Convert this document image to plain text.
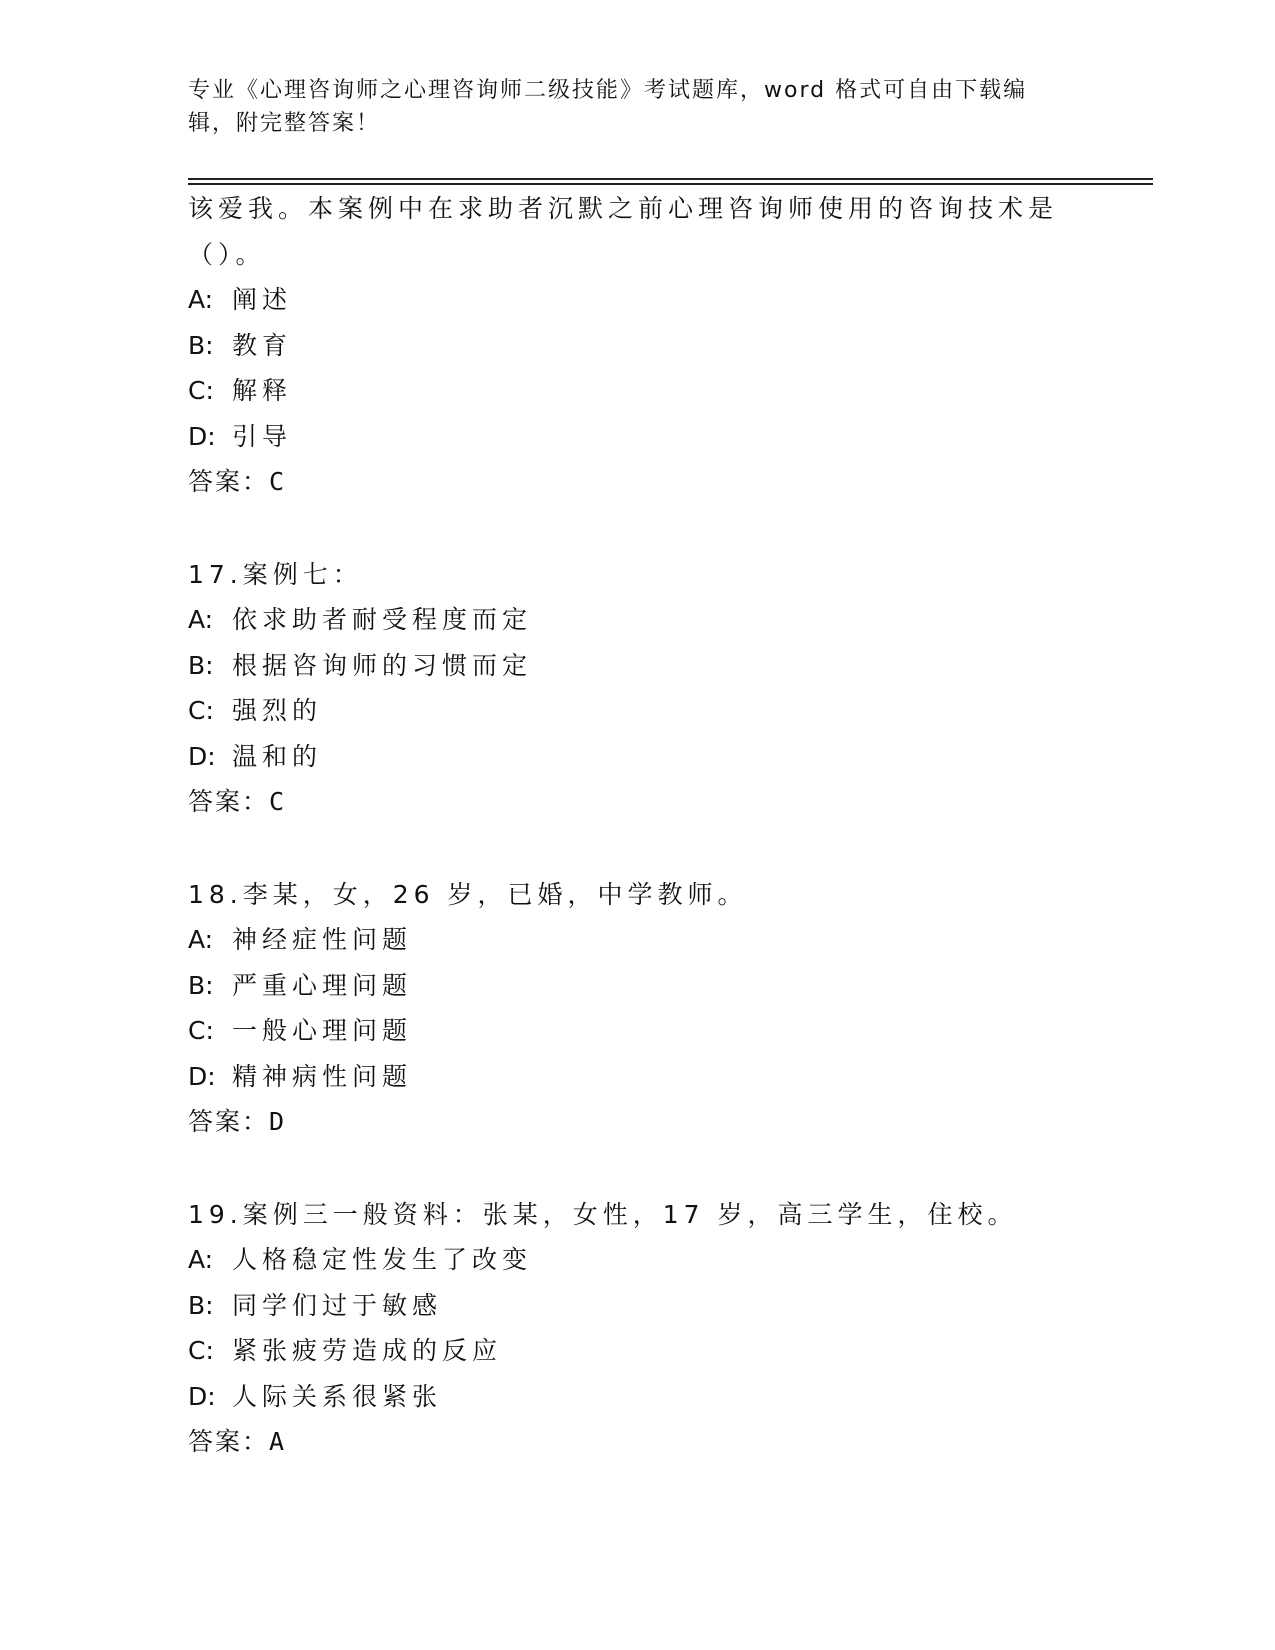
专业《心理咨询师之心理咨询师二级技能》考试题库，word 格式可自由下载编辑，附完整答案！
该爱我。本案例中在求助者沉默之前心理咨询师使用的咨询技术是（）。
A: 阐述
B: 教育
C: 解释
D: 引导
答案：C
17.案例七：
A: 依求助者耐受程度而定
B: 根据咨询师的习惯而定
C: 强烈的
D: 温和的
答案：C
18.李某，女，26 岁，已婚，中学教师。
A: 神经症性问题
B: 严重心理问题
C: 一般心理问题
D: 精神病性问题
答案：D
19.案例三一般资料：张某，女性，17 岁，高三学生，住校。
A: 人格稳定性发生了改变
B: 同学们过于敏感
C: 紧张疲劳造成的反应
D: 人际关系很紧张
答案：A
